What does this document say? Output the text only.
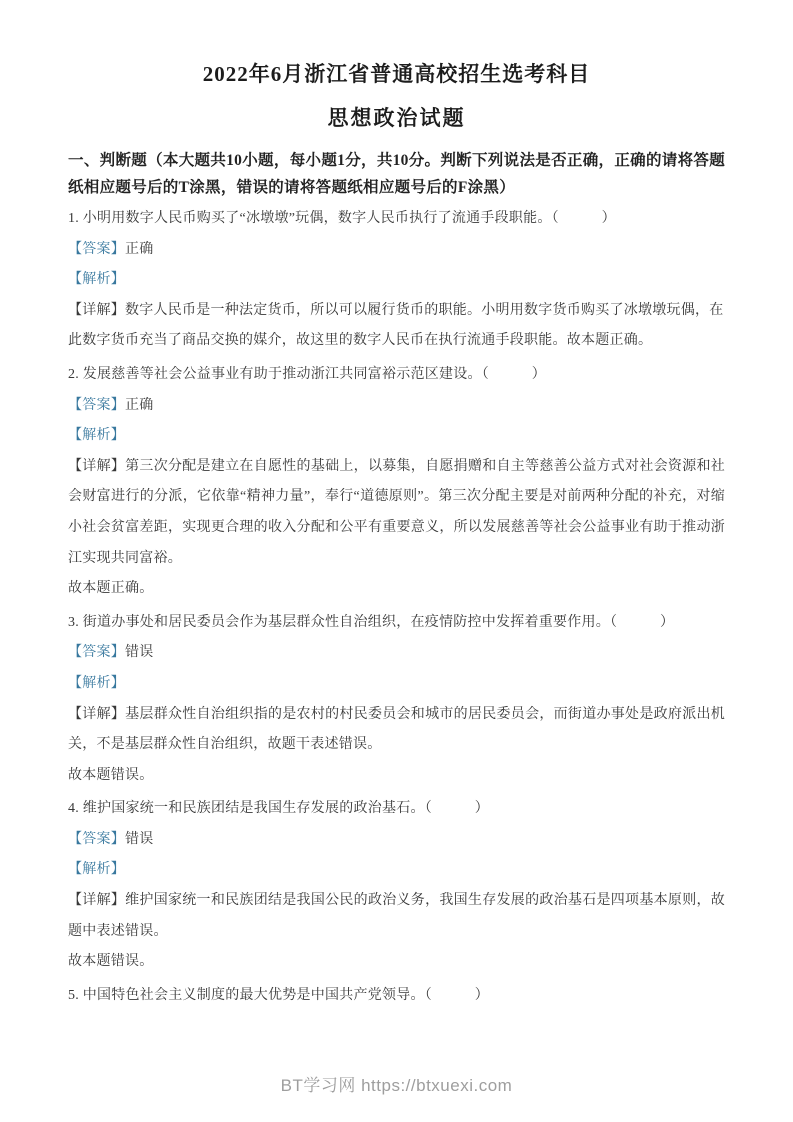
2022年6月浙江省普通高校招生选考科目
思想政治试题

一、判断题（本大题共10小题，每小题1分，共10分。判断下列说法是否正确，正确的请将答题纸相应题号后的T涂黑，错误的请将答题纸相应题号后的F涂黑）

1. 小明用数字人民币购买了“冰墩墩”玩偶，数字人民币执行了流通手段职能。（　　　）

【答案】正确

【解析】

【详解】数字人民币是一种法定货币，所以可以履行货币的职能。小明用数字货币购买了冰墩墩玩偶，在此数字货币充当了商品交换的媒介，故这里的数字人民币在执行流通手段职能。故本题正确。

2. 发展慈善等社会公益事业有助于推动浙江共同富裕示范区建设。（　　　）

【答案】正确

【解析】

【详解】第三次分配是建立在自愿性的基础上，以募集，自愿捐赠和自主等慈善公益方式对社会资源和社会财富进行的分派，它依靠“精神力量”，奉行“道德原则”。第三次分配主要是对前两种分配的补充，对缩小社会贫富差距，实现更合理的收入分配和公平有重要意义，所以发展慈善等社会公益事业有助于推动浙江实现共同富裕。

故本题正确。

3. 街道办事处和居民委员会作为基层群众性自治组织，在疫情防控中发挥着重要作用。（　　　）

【答案】错误

【解析】

【详解】基层群众性自治组织指的是农村的村民委员会和城市的居民委员会，而街道办事处是政府派出机关，不是基层群众性自治组织，故题干表述错误。

故本题错误。

4. 维护国家统一和民族团结是我国生存发展的政治基石。（　　　）

【答案】错误

【解析】

【详解】维护国家统一和民族团结是我国公民的政治义务，我国生存发展的政治基石是四项基本原则，故题中表述错误。

故本题错误。

5. 中国特色社会主义制度的最大优势是中国共产党领导。（　　　）

BT学习网 https://btxuexi.com
